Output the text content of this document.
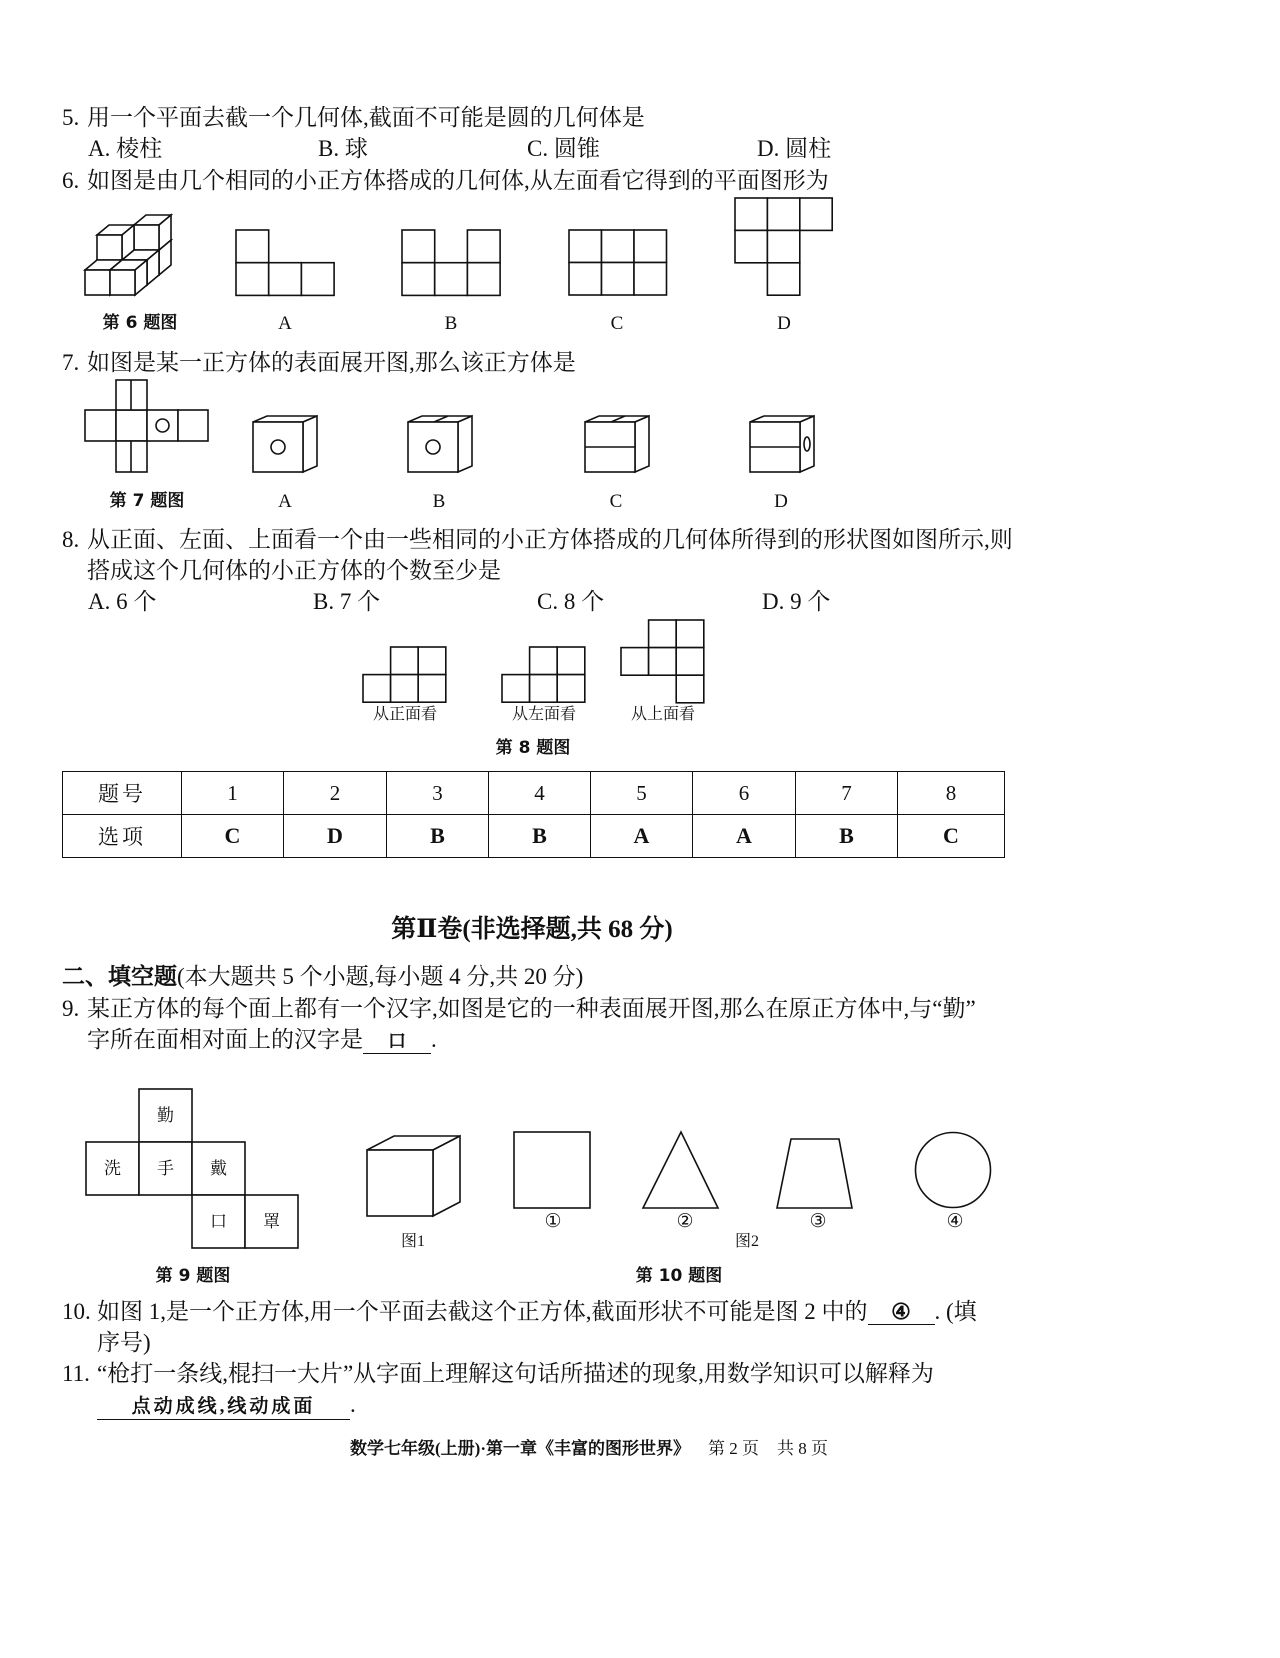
第 6 题图	A	B	C	D
第 7 题图	A	B	C	D
从正面看	从左面看	从上面看
第 8 题图
勤
洗 手 戴
口 罩
第 9 题图
①	②	③	④
图1	图2
第 10 题图
5. 用一个平面去截一个几何体,截面不可能是圆的几何体是
A. 棱柱	B. 球	C. 圆锥	D. 圆柱
6. 如图是由几个相同的小正方体搭成的几何体,从左面看它得到的平面图形为
7. 如图是某一正方体的表面展开图,那么该正方体是
8. 从正面、左面、上面看一个由一些相同的小正方体搭成的几何体所得到的形状图如图所示,则
搭成这个几何体的小正方体的个数至少是
A. 6 个	B. 7 个	C. 8 个	D. 9 个
题号	1	2	3	4	5	6	7	8
选项	C	D	B	B	A	A	B	C
第Ⅱ卷(非选择题,共 68 分)
二、填空题(本大题共 5 个小题,每小题 4 分,共 20 分)
9. 某正方体的每个面上都有一个汉字,如图是它的一种表面展开图,那么在原正方体中,与“勤”
字所在面相对面上的汉字是 口 .
10. 如图 1,是一个正方体,用一个平面去截这个正方体,截面形状不可能是图 2 中的 ④ . (填
序号)
11. “枪打一条线,棍扫一大片”从字面上理解这句话所描述的现象,用数学知识可以解释为
点动成线,线动成面 .
数学七年级(上册)·第一章《丰富的图形世界》 第 2 页 共 8 页
